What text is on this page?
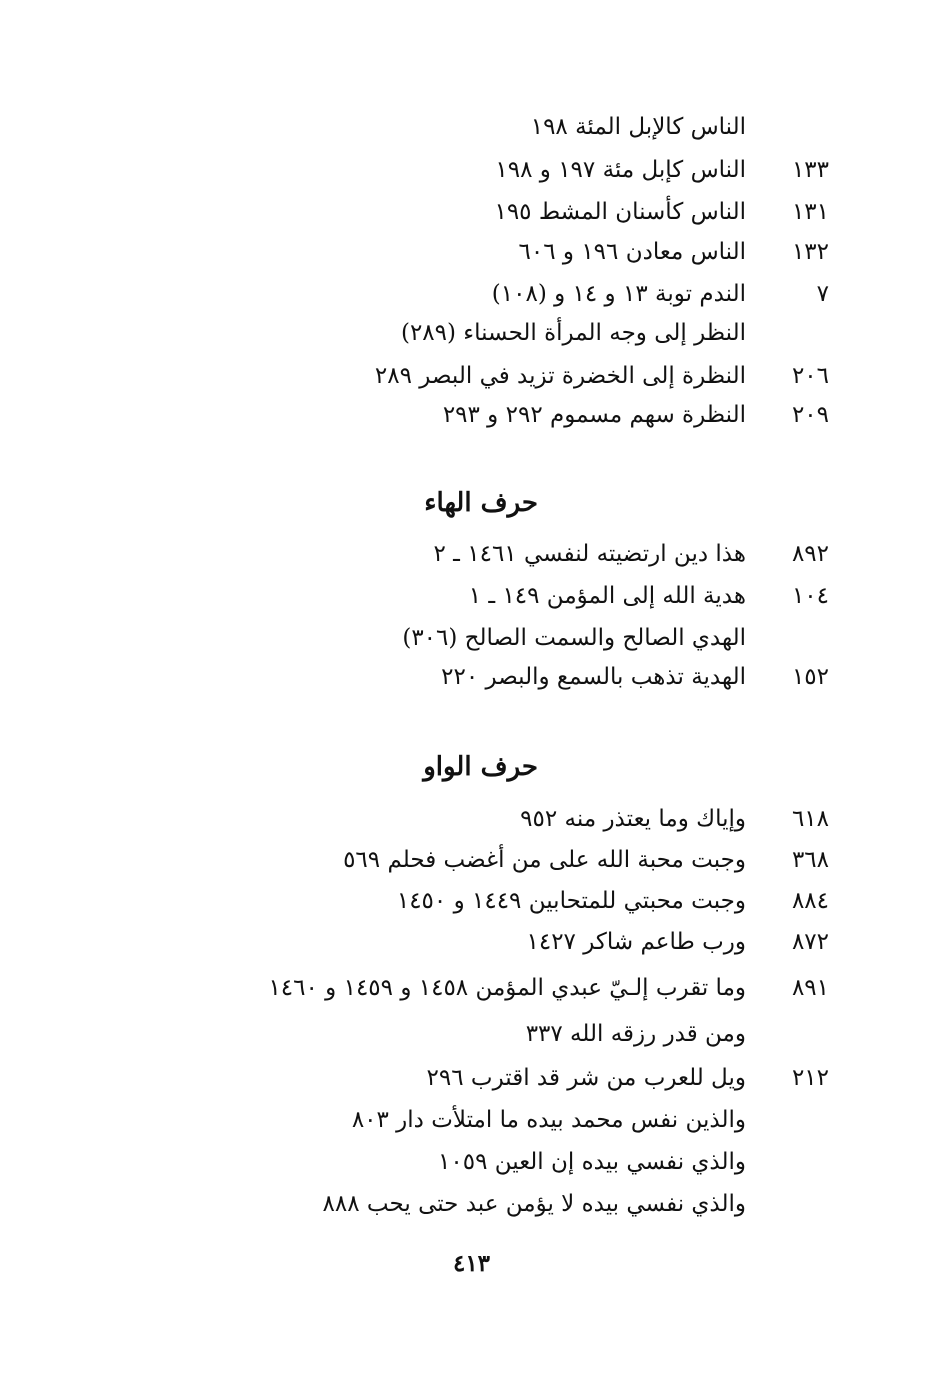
الناس كالإبل المئة ١٩٨
الناس كإبل مئة ١٩٧ و ١٩٨ ١٣٣
الناس كأسنان المشط ١٩٥ ١٣١
الناس معادن ١٩٦ و ٦٠٦ ١٣٢
الندم توبة ١٣ و ١٤ و (١٠٨)	٧
النظر إلى وجه المرأة الحسناء (٢٨٩)
النظرة إلى الخضرة تزيد في البصر ٢٨٩ ٢٠٦
النظرة سهم مسموم ٢٩٢ و ٢٩٣ ٢٠٩
حرف الهاء
هذا دين ارتضيته لنفسي ١٤٦١ ـ ٢ ٨٩٢
هدية الله إلى المؤمن ١٤٩ ـ ١ ١٠٤
الهدي الصالح والسمت الصالح (٣٠٦)
الهدية تذهب بالسمع والبصر ٢٢٠ ١٥٢
حرف الواو
وإياك وما يعتذر منه ٩٥٢ ٦١٨
وجبت محبة الله على من أغضب فحلم ٥٦٩ ٣٦٨
وجبت محبتي للمتحابين ١٤٤٩ و ١٤٥٠ ٨٨٤
ورب طاعم شاكر ١٤٢٧ ٨٧٢
وما تقرب إلـيّ عبدي المؤمن ١٤٥٨ و ١٤٥٩ و ١٤٦٠ ٨٩١
ومن قدر رزقه الله ٣٣٧
ويل للعرب من شر قد اقترب ٢٩٦ ٢١٢
والذين نفس محمد بيده ما امتلأت دار ٨٠٣
والذي نفسي بيده إن العين ١٠٥٩
والذي نفسي بيده لا يؤمن عبد حتى يحب ٨٨٨
٤١٣
